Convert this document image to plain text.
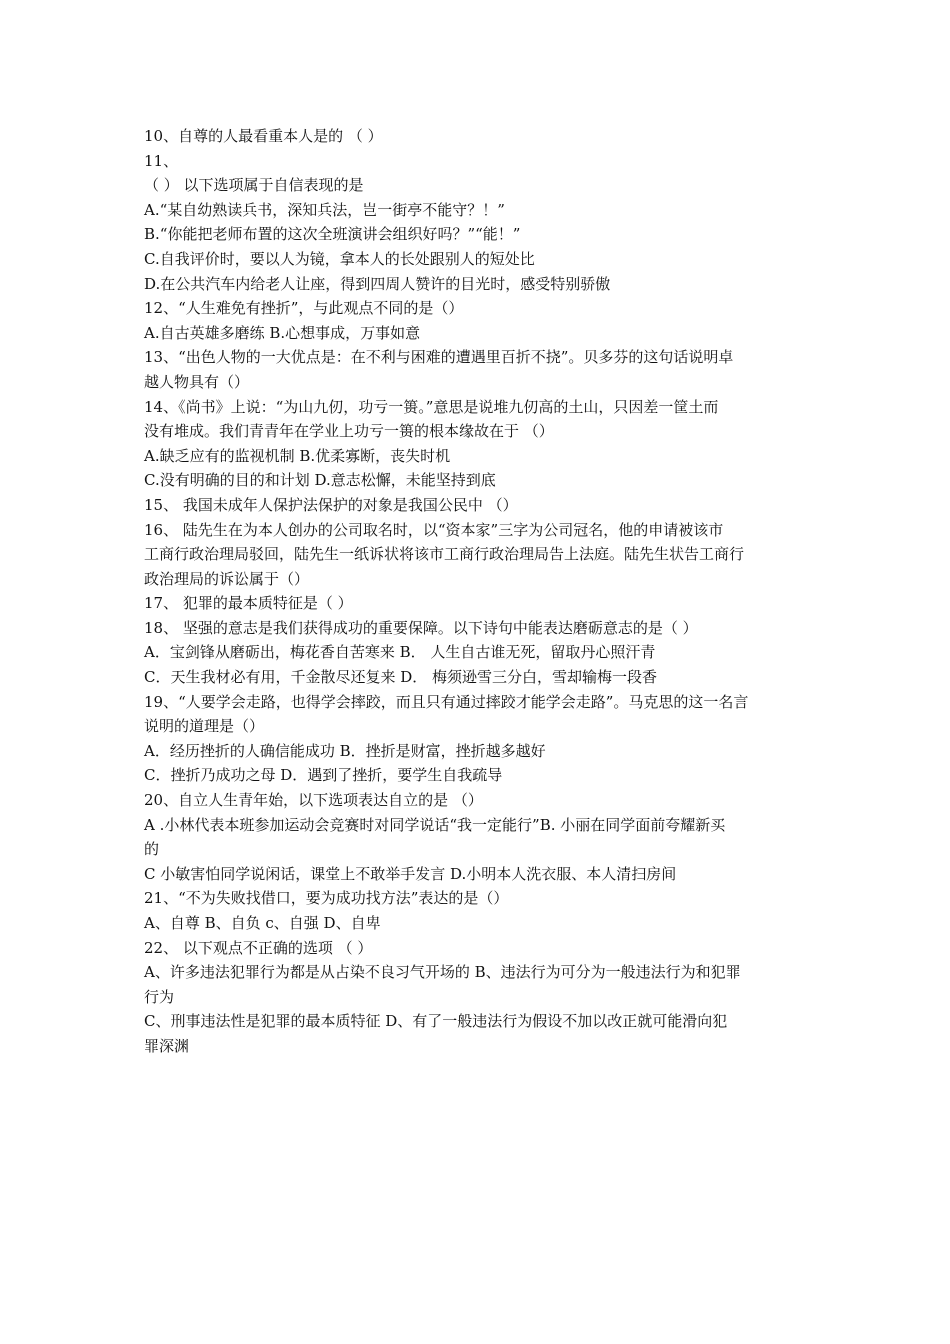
10、自尊的人最看重本人是的 （ ）
11、
（ ） 以下选项属于自信表现的是
A.“某自幼熟读兵书，深知兵法，岂一街亭不能守？！”
B.“你能把老师布置的这次全班演讲会组织好吗？”“能！”
C.自我评价时，要以人为镜，拿本人的长处跟别人的短处比
D.在公共汽车内给老人让座，得到四周人赞许的目光时，感受特别骄傲
12、“人生难免有挫折”，与此观点不同的是（）
A.自古英雄多磨练 B.心想事成，万事如意
13、“出色人物的一大优点是：在不利与困难的遭遇里百折不挠”。贝多芬的这句话说明卓
越人物具有（）
14、《尚书》上说：“为山九仞，功亏一篑。”意思是说堆九仞高的土山，只因差一筐土而
没有堆成。我们青青年在学业上功亏一篑的根本缘故在于 （）
A.缺乏应有的监视机制 B.优柔寡断，丧失时机
C.没有明确的目的和计划 D.意志松懈，未能坚持到底
15、 我国未成年人保护法保护的对象是我国公民中 （）
16、 陆先生在为本人创办的公司取名时，以“资本家”三字为公司冠名，他的申请被该市
工商行政治理局驳回，陆先生一纸诉状将该市工商行政治理局告上法庭。陆先生状告工商行
政治理局的诉讼属于（）
17、 犯罪的最本质特征是（ ）
18、 坚强的意志是我们获得成功的重要保障。以下诗句中能表达磨砺意志的是（ ）
A．宝剑锋从磨砺出，梅花香自苦寒来 B． 人生自古谁无死，留取丹心照汗青
C．天生我材必有用，千金散尽还复来 D． 梅须逊雪三分白，雪却输梅一段香
19、“人要学会走路，也得学会摔跤，而且只有通过摔跤才能学会走路”。马克思的这一名言
说明的道理是（）
A．经历挫折的人确信能成功 B．挫折是财富，挫折越多越好
C．挫折乃成功之母 D．遇到了挫折，要学生自我疏导
20、自立人生青年始，以下选项表达自立的是 （）
A .小林代表本班参加运动会竞赛时对同学说话“我一定能行”B. 小丽在同学面前夸耀新买
的
C 小敏害怕同学说闲话，课堂上不敢举手发言 D.小明本人洗衣服、本人清扫房间
21、“不为失败找借口，要为成功找方法”表达的是（）
A、自尊 B、自负 c、自强 D、自卑
22、 以下观点不正确的选项 （ ）
A、许多违法犯罪行为都是从占染不良习气开场的 B、违法行为可分为一般违法行为和犯罪
行为
C、刑事违法性是犯罪的最本质特征 D、有了一般违法行为假设不加以改正就可能滑向犯
罪深渊
